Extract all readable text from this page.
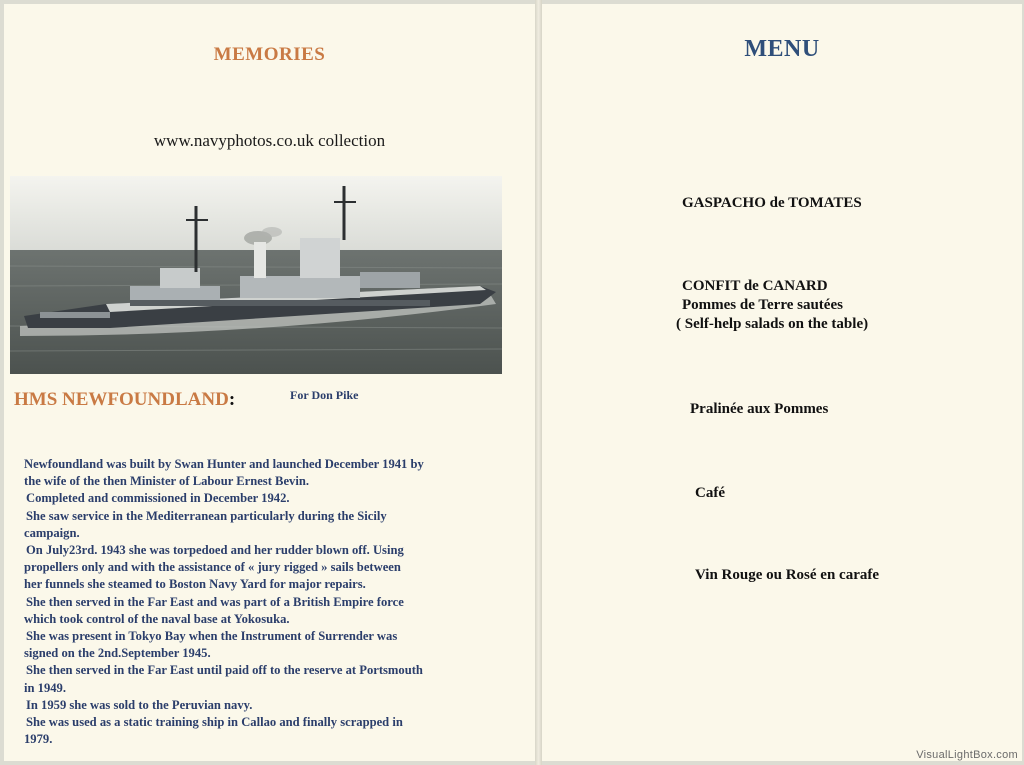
MEMORIES
www.navyphotos.co.uk collection
HMS NEWFOUNDLAND:	For Don Pike
Newfoundland was built by Swan Hunter and launched December 1941 by
the wife of the then Minister of Labour Ernest Bevin.
Completed and commissioned in December 1942.
She saw service in the Mediterranean particularly during the Sicily
campaign.
On July23rd. 1943 she was torpedoed and her rudder blown off. Using
propellers only and with the assistance of « jury rigged » sails between
her funnels she steamed to Boston Navy Yard for major repairs.
She then served in the Far East and was part of a British Empire force
which took control of the naval base at Yokosuka.
She was present in Tokyo Bay when the Instrument of Surrender was
signed on the 2nd.September 1945.
She then served in the Far East until paid off to the reserve at Portsmouth
in 1949.
In 1959 she was sold to the Peruvian navy.
She was used as a static training ship in Callao and finally scrapped in
1979.
MENU
GASPACHO de TOMATES
CONFIT de CANARD
Pommes de Terre sautées
( Self-help salads on the table)
Pralinée aux Pommes
Café
Vin Rouge ou Rosé en carafe
VisualLightBox.com
